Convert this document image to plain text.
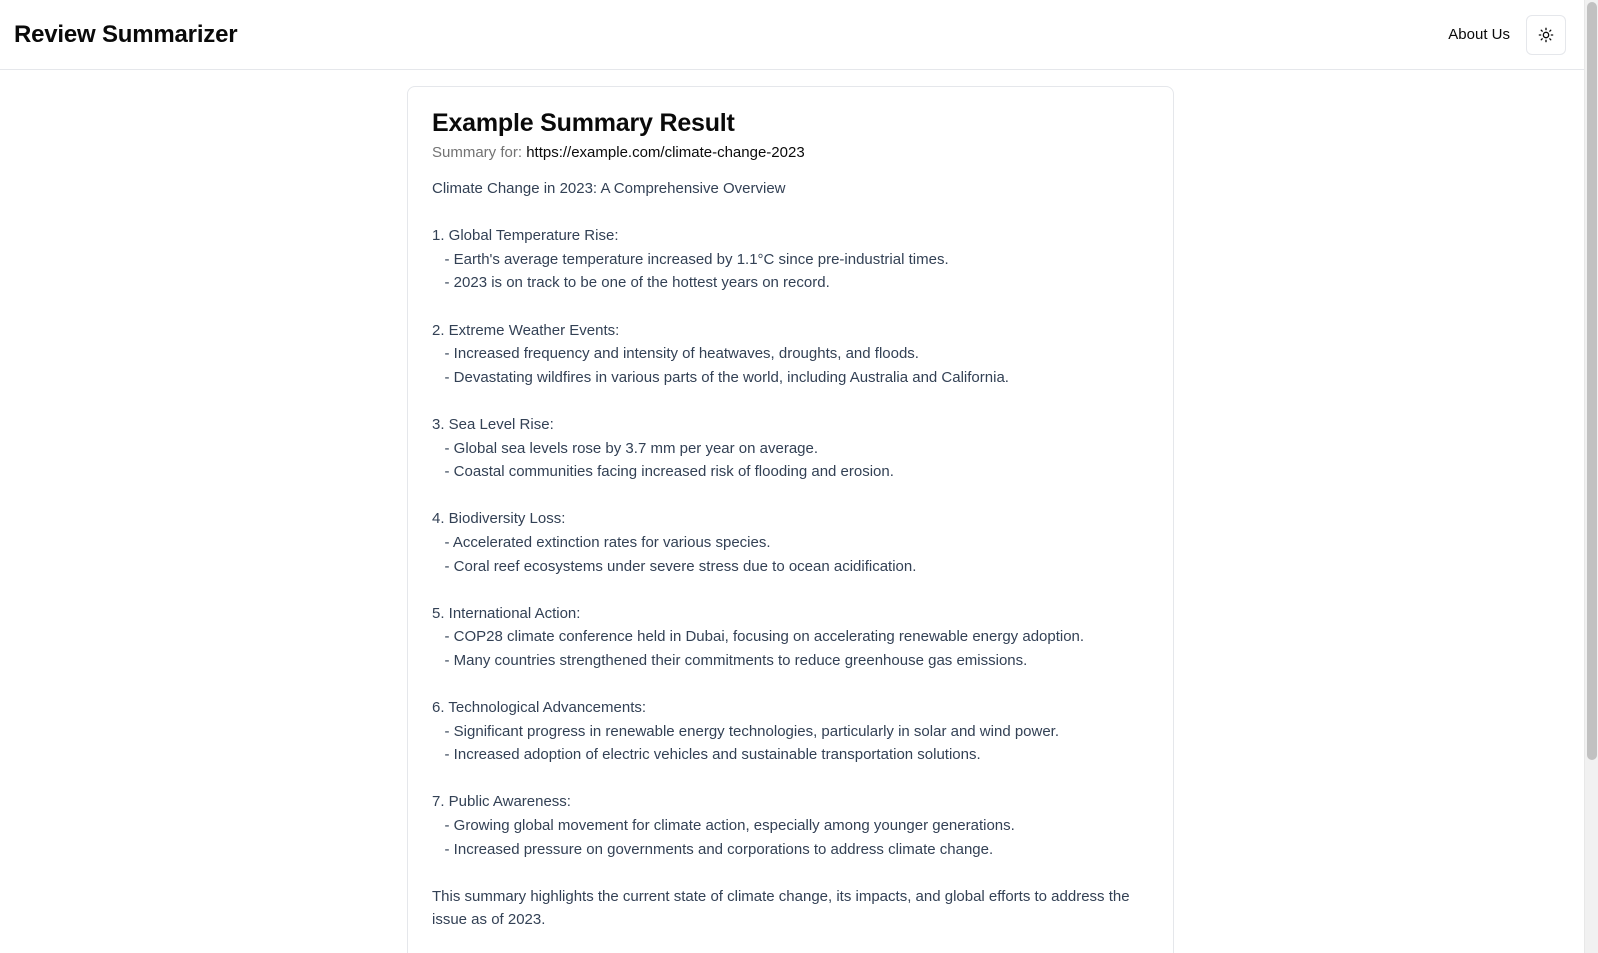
Review Summarizer	About Us
Example Summary Result

Summary for: https://example.com/climate-change-2023

Climate Change in 2023: A Comprehensive Overview

1. Global Temperature Rise:
- Earth's average temperature increased by 1.1°C since pre-industrial times.
- 2023 is on track to be one of the hottest years on record.

2. Extreme Weather Events:
- Increased frequency and intensity of heatwaves, droughts, and floods.
- Devastating wildfires in various parts of the world, including Australia and California.

3. Sea Level Rise:
- Global sea levels rose by 3.7 mm per year on average.
- Coastal communities facing increased risk of flooding and erosion.

4. Biodiversity Loss:
- Accelerated extinction rates for various species.
- Coral reef ecosystems under severe stress due to ocean acidification.

5. International Action:
- COP28 climate conference held in Dubai, focusing on accelerating renewable energy adoption.
- Many countries strengthened their commitments to reduce greenhouse gas emissions.

6. Technological Advancements:
- Significant progress in renewable energy technologies, particularly in solar and wind power.
- Increased adoption of electric vehicles and sustainable transportation solutions.

7. Public Awareness:
- Growing global movement for climate action, especially among younger generations.
- Increased pressure on governments and corporations to address climate change.

This summary highlights the current state of climate change, its impacts, and global efforts to address the issue as of 2023.
